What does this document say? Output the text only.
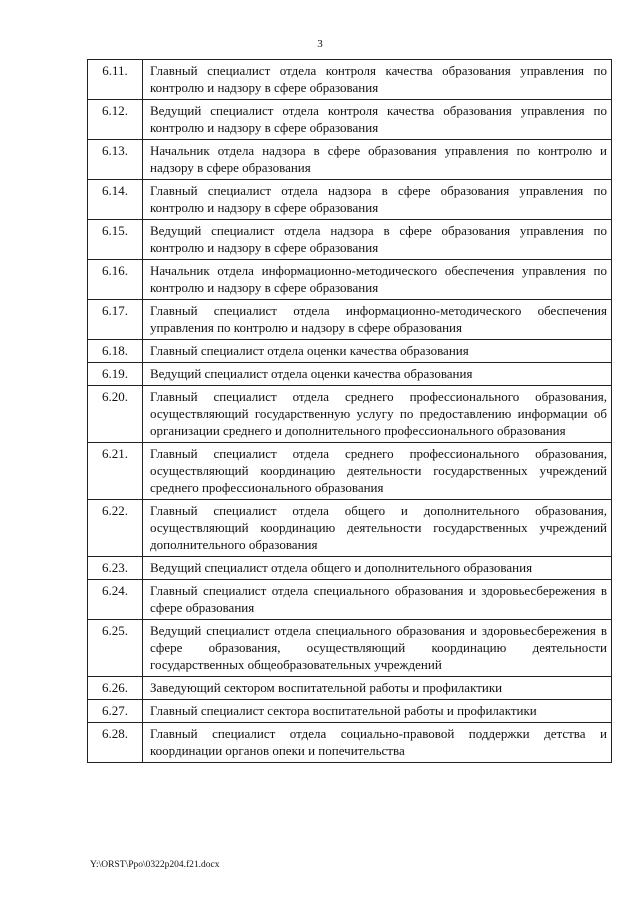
3
6.11.	Главный специалист отдела контроля качества образования управления по контролю и надзору в сфере образования
6.12.	Ведущий специалист отдела контроля качества образования управления по контролю и надзору в сфере образования
6.13.	Начальник отдела надзора в сфере образования управления по контролю и надзору в сфере образования
6.14.	Главный специалист отдела надзора в сфере образования управления по контролю и надзору в сфере образования
6.15.	Ведущий специалист отдела надзора в сфере образования управления по контролю и надзору в сфере образования
6.16.	Начальник отдела информационно-методического обеспечения управления по контролю и надзору в сфере образования
6.17.	Главный специалист отдела информационно-методического обеспечения управления по контролю и надзору в сфере образования
6.18.	Главный специалист отдела оценки качества образования
6.19.	Ведущий специалист отдела оценки качества образования
6.20.	Главный специалист отдела среднего профессионального образования, осуществляющий государственную услугу по предоставлению информации об организации среднего и дополнительного профессионального образования
6.21.	Главный специалист отдела среднего профессионального образования, осуществляющий координацию деятельности государственных учреждений среднего профессионального образования
6.22.	Главный специалист отдела общего и дополнительного образования, осуществляющий координацию деятельности государственных учреждений дополнительного образования
6.23.	Ведущий специалист отдела общего и дополнительного образования
6.24.	Главный специалист отдела специального образования и здоровьесбережения в сфере образования
6.25.	Ведущий специалист отдела специального образования и здоровьесбережения в сфере образования, осуществляющий координацию деятельности государственных общеобразовательных учреждений
6.26.	Заведующий сектором воспитательной работы и профилактики
6.27.	Главный специалист сектора воспитательной работы и профилактики
6.28.	Главный специалист отдела социально-правовой поддержки детства и координации органов опеки и попечительства
Y:\ORST\Ppo\0322p204.f21.docx
